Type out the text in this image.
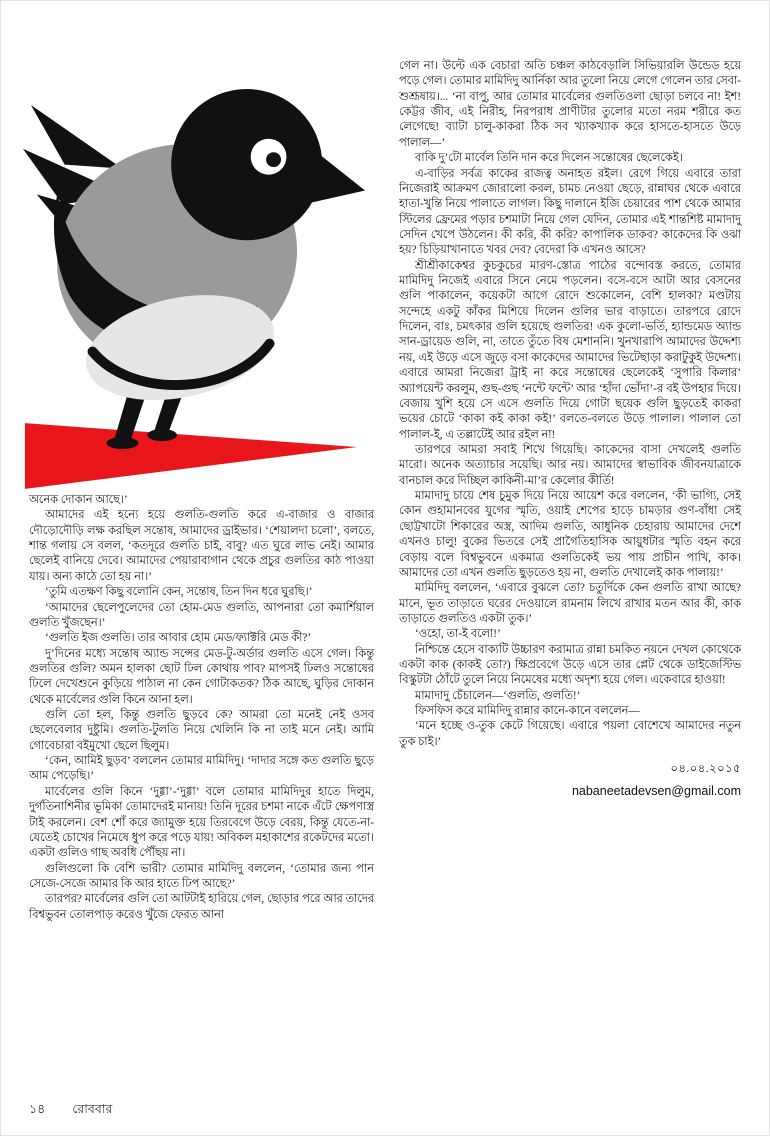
গেল না। উল্টে এক বেচারা অতি চঞ্চল কাঠবেড়ালি সিভিয়ারলি উন্ডেড হয়ে পড়ে গেল। তোমার মামিদিদু আর্নিকা আর তুলো নিয়ে লেগে গেলেন তার সেবা-শুশ্রূষায়।... ‘না বাপু, আর তোমার মার্বেলের গুলতিওলা ছোড়া চলবে না! ইশ! কেট্টর জীব, এই নিরীহ, নিরপরাধ প্রাণীটার তুলোর মতো নরম শরীরে কত লেগেছে! ব্যাটা চালু-কাকরা ঠিক সব খ্যাকখ্যাক করে হাসতে-হাসতে উড়ে পালাল—’

বাকি দু’টো মার্বেল তিনি দান করে দিলেন সন্তোষের ছেলেকেই।

এ-বাড়ির সর্বত্র কাকের রাজত্ব অনাহত রইল। রেগে গিয়ে এবারে তারা নিজেরাই আক্রমণ জোরালো করল, চামচ নেওয়া ছেড়ে, রান্নাঘর থেকে এবারে হাতা-খুন্তি নিয়ে পালাতে লাগল। কিছু দালানে ইজি চেয়ারের পাশ থেকে আমার স্টিলের ফ্রেমের পড়ার চশমাটা নিয়ে গেল যেদিন, তোমার এই শান্তশিষ্ট মামাদাদু সেদিন খেপে উঠলেন। কী করি, কী করি? কাপালিক ডাকব? কাকেদের কি ওঝা হয়? চিড়িয়াখানাতে খবর দেব? বেদেরা কি এখনও আসে?

শ্রীশ্রীকাকেশ্বর কুচকুচের মারণ-স্তোত্র পাঠের বন্দোবস্ত করতে, তোমার মামিদিদু নিজেই এবারে সিনে নেমে পড়লেন। বসে-বসে আটা আর বেসনের গুলি পাকালেন, কয়েকটা আগে রোদে শুকোলেন, বেশি হালকা? মণ্ডটায় সন্দেহে একটু কাঁকর মিশিয়ে দিলেন গুলির ভার বাড়াতে। তারপরে রোদে দিলেন, বাঃ, চমৎকার গুলি হয়েছে গুলতির! এক কুলো-ভর্তি, হ্যান্ডমেড অ্যান্ড সান-ড্রায়েড গুলি, না, তাতে তুঁতে বিষ মেশাননি। খুনখারাপি আমাদের উদ্দেশ্য নয়, এই উড়ে এসে জুড়ে বসা কাকেদের আমাদের ভিটেছাড়া করাটুকুই উদ্দেশ্য। এবারে আমরা নিজেরা ট্রাই না করে সন্তোষের ছেলেকেই ‘সুপারি কিলার’ অ্যাপয়েন্ট করলুম, গুছ-গুছ ‘নন্টে ফন্টে’ আর ‘হাঁদা ভোঁদা’-র বই উপহার দিয়ে। বেজায় খুশি হয়ে সে এসে গুলতি দিয়ে গোটা ছয়েক গুলি ছুড়তেই কাকরা ভয়ের চোটে ‘কাকা কই কাকা কই!’ বলতে-বলতে উড়ে পালাল। পালাল তো পালাল-ই, এ তল্লাটেই আর রইল না!

তারপরে আমরা সবাই শিখে গিয়েছি। কাকেদের বাসা দেখলেই গুলতি মারো। অনেক অত্যাচার সয়েছি। আর নয়। আমাদের স্বাভাবিক জীবনযাত্রাকে বানচাল করে দিচ্ছিল কাকিনী-মা’র কেলোর কীর্তি!

মামাদাদু চায়ে শেষ চুমুক দিয়ে নিয়ে আয়েশ করে বললেন, ‘কী ভাগ্যি, সেই কোন গুহামানবের যুগের স্মৃতি, ওয়াই শেপের হাড়ে চামড়ার গুণ-বাঁধা সেই ছোট্টখাটো শিকারের অস্ত্র, আদিম গুলতি, আধুনিক চেহারায় আমাদের দেশে এখনও চালু! বুকের ভিতরে সেই প্রাগৈতিহাসিক আয়ুধটার স্মৃতি বহন করে বেড়ায় বলে বিশ্বভুবনে একমাত্র গুলতিকেই ভয় পায় প্রাচীন পাখি, কাক। আমাদের তো এখন গুলতি ছুড়তেও হয় না, গুলতি দেখালেই কাক পালায়!’

মামিদিদু বললেন, ‘এবারে বুঝলে তো? চতুর্দিকে কেন গুলতি রাখা আছে? মানে, ভূত তাড়াতে ঘরের দেওয়ালে রামনাম লিখে রাখার মতন আর কী, কাক তাড়াতে গুলতিও একটা তুক।’

‘ওহো, তা-ই বলো!’

নিশ্চিন্তে হেসে বাক্যটি উচ্চারণ করামাত্র রান্না চমকিত নয়নে দেখল কোথেকে একটা কাক (কাকই তো?) ক্ষিপ্রবেগে উড়ে এসে তার প্লেট থেকে ডাইজেস্টিভ বিস্কুটটা ঠোঁটে তুলে নিয়ে নিমেষের মধ্যে অদৃশ্য হয়ে গেল। একেবারে হাওয়া!

মামাদাদু চেঁচালেন—‘গুলতি, গুলতি!’

ফিসফিস করে মামিদিদু রান্নার কানে-কানে বললেন—

‘মনে হচ্ছে ও-তুক কেটে গিয়েছে। এবারে পয়লা বোশেখে আমাদের নতুন তুক চাই।’

০৪.০৪.২০১৫
nabaneetadevsen@gmail.com

অনেক দোকান আছে।’

আমাদের এই হন্যে হয়ে গুলতি-গুলতি করে এ-বাজার ও বাজার দৌড়োদৌড়ি লক্ষ করছিল সন্তোষ, আমাদের ড্রাইভার। ‘শেয়ালদা চলো’, বলতে, শান্ত গলায় সে বলল, ‘কতদূরে গুলতি চাই, বাবু? এত ঘুরে লাভ নেই। আমার ছেলেই বানিয়ে দেবে। আমাদের পেয়ারাবাগান থেকে প্রচুর গুলতির কাঠ পাওয়া যায়। অন্য কাঠে তো হয় না।’

‘তুমি এতক্ষণ কিছু বলোনি কেন, সন্তোষ, তিন দিন ধরে ঘুরছি।’

‘আমাদের ছেলেপুলেদের তো হোম-মেড গুলতি, আপনারা তো কমার্শিয়াল গুলতি খুঁজছেন।’

‘গুলতি ইজ গুলতি। তার আবার হোম মেড/ফ্যাক্টরি মেড কী?’

দু’দিনের মধ্যে সন্তোষ অ্যান্ড সন্সের মেড-টু-অর্ডার গুলতি এসে গেল। কিন্তু গুলতির গুলি? অমন হালকা ছোট ঢিল কোথায় পাব? মাপসই ঢিলও সন্তোষের ঢিলে দেখেশুনে কুড়িয়ে পাঠাল না কেন গোটাকতক? ঠিক আছে, ঘুড়ির দোকান থেকে মার্বেলের গুলি কিনে আনা হল।

গুলি তো হল, কিন্তু গুলতি ছুড়বে কে? আমরা তো মনেই নেই ওসব ছেলেবেলার দুষ্টুমি। গুলতি-টুলতি নিয়ে খেলিনি কি না তাই মনে নেই। আমি গোবেচারা বইমুখো ছেলে ছিলুম।

‘কেন, আমিই ছুড়ব’ বললেন তোমার মামিদিদু। ‘দাদার সঙ্গে কত গুলতি ছুড়ে আম পেড়েছি।’

মার্বেলের গুলি কিনে ‘দুগ্গা’-‘দুগ্গা’ বলে তোমার মামিদিদুর হাতে দিলুম, দুর্গতিনাশিনীর ভূমিকা তোমাদেরই মানায়! তিনি দূরের চশমা নাকে এঁটে ক্ষেপণাস্ত্র টাই করলেন। বেশ শোঁ করে জ্যামুক্ত হয়ে তিরবেগে উড়ে বেরয়, কিন্তু যেতে-না-যেতেই চোখের নিমেষে ধুপ করে পড়ে যায়! অবিকল মহাকাশের রকেটদের মতো। একটা গুলিও গাছ অবধি পৌঁছয় না।

গুলিগুলো কি বেশি ভারী? তোমার মামিদিদু বললেন, ‘তোমার জন্য পান সেজে-সেজে আমার কি আর হাতে ঢিপ আছে?’

তারপর? মার্বেলের গুলি তো আটটাই হারিয়ে গেল, ছোড়ার পরে আর তাদের বিশ্বভুবন তোলপাড় করেও খুঁজে ফেরত আনা

১৪ রোববার
